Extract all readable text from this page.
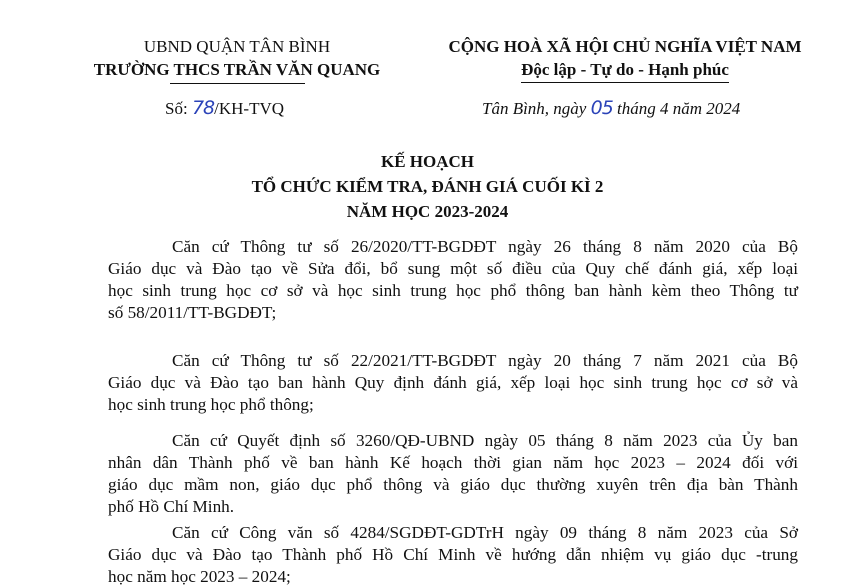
UBND QUẬN TÂN BÌNH
TRƯỜNG THCS TRẦN VĂN QUANG
CỘNG HOÀ XÃ HỘI CHỦ NGHĨA VIỆT NAM
Độc lập - Tự do - Hạnh phúc
Số: 78/KH-TVQ	Tân Bình, ngày 05 tháng 4 năm 2024
KẾ HOẠCH
TỔ CHỨC KIỂM TRA, ĐÁNH GIÁ CUỐI KÌ 2
NĂM HỌC 2023-2024
Căn cứ Thông tư số 26/2020/TT-BGDĐT ngày 26 tháng 8 năm 2020 của Bộ
Giáo dục và Đào tạo về Sửa đổi, bổ sung một số điều của Quy chế đánh giá, xếp loại
học sinh trung học cơ sở và học sinh trung học phổ thông ban hành kèm theo Thông tư
số 58/2011/TT-BGDĐT;
Căn cứ Thông tư số 22/2021/TT-BGDĐT ngày 20 tháng 7 năm 2021 của Bộ
Giáo dục và Đào tạo ban hành Quy định đánh giá, xếp loại học sinh trung học cơ sở và
học sinh trung học phổ thông;
Căn cứ Quyết định số 3260/QĐ-UBND ngày 05 tháng 8 năm 2023 của Ủy ban
nhân dân Thành phố về ban hành Kế hoạch thời gian năm học 2023 – 2024 đối với
giáo dục mầm non, giáo dục phổ thông và giáo dục thường xuyên trên địa bàn Thành
phố Hồ Chí Minh.
Căn cứ Công văn số 4284/SGDĐT-GDTrH ngày 09 tháng 8 năm 2023 của Sở
Giáo dục và Đào tạo Thành phố Hồ Chí Minh về hướng dẫn nhiệm vụ giáo dục -trung
học năm học 2023 – 2024;
